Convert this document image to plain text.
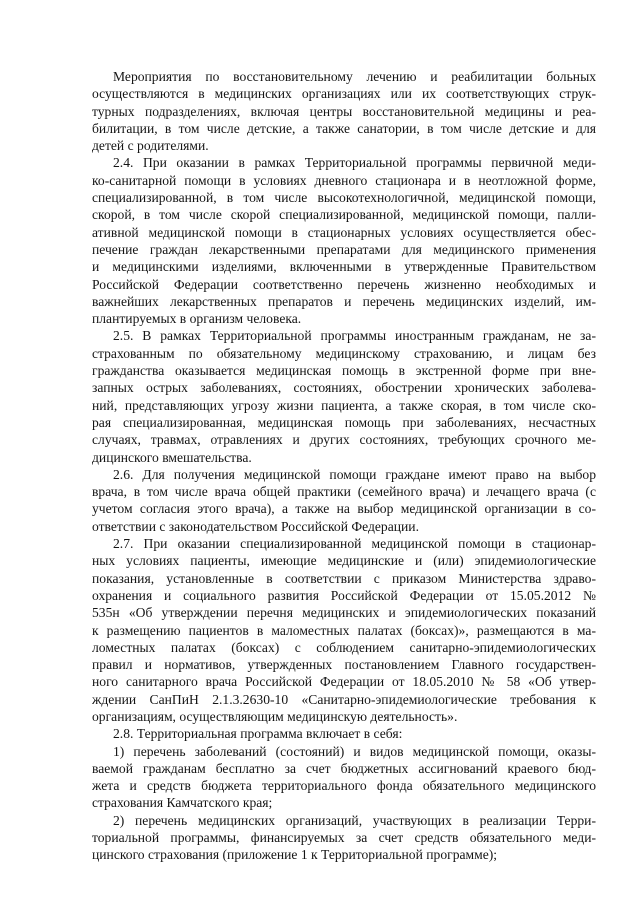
Мероприятия по восстановительному лечению и реабилитации больных
осуществляются в медицинских организациях или их соответствующих струк-
турных подразделениях, включая центры восстановительной медицины и реа-
билитации, в том числе детские, а также санатории, в том числе детские и для
детей с родителями.
2.4. При оказании в рамках Территориальной программы первичной меди-
ко-санитарной помощи в условиях дневного стационара и в неотложной форме,
специализированной, в том числе высокотехнологичной, медицинской помощи,
скорой, в том числе скорой специализированной, медицинской помощи, палли-
ативной медицинской помощи в стационарных условиях осуществляется обес-
печение граждан лекарственными препаратами для медицинского применения
и медицинскими изделиями, включенными в утвержденные Правительством
Российской Федерации соответственно перечень жизненно необходимых и
важнейших лекарственных препаратов и перечень медицинских изделий, им-
плантируемых в организм человека.
2.5. В рамках Территориальной программы иностранным гражданам, не за-
страхованным по обязательному медицинскому страхованию, и лицам без
гражданства оказывается медицинская помощь в экстренной форме при вне-
запных острых заболеваниях, состояниях, обострении хронических заболева-
ний, представляющих угрозу жизни пациента, а также скорая, в том числе ско-
рая специализированная, медицинская помощь при заболеваниях, несчастных
случаях, травмах, отравлениях и других состояниях, требующих срочного ме-
дицинского вмешательства.
2.6. Для получения медицинской помощи граждане имеют право на выбор
врача, в том числе врача общей практики (семейного врача) и лечащего врача (с
учетом согласия этого врача), а также на выбор медицинской организации в со-
ответствии с законодательством Российской Федерации.
2.7. При оказании специализированной медицинской помощи в стационар-
ных условиях пациенты, имеющие медицинские и (или) эпидемиологические
показания, установленные в соответствии с приказом Министерства здраво-
охранения и социального развития Российской Федерации от 15.05.2012 №
535н «Об утверждении перечня медицинских и эпидемиологических показаний
к размещению пациентов в маломестных палатах (боксах)», размещаются в ма-
ломестных палатах (боксах) с соблюдением санитарно-эпидемиологических
правил и нормативов, утвержденных постановлением Главного государствен-
ного санитарного врача Российской Федерации от 18.05.2010 № 58 «Об утвер-
ждении СанПиН 2.1.3.2630-10 «Санитарно-эпидемиологические требования к
организациям, осуществляющим медицинскую деятельность».
2.8. Территориальная программа включает в себя:
1) перечень заболеваний (состояний) и видов медицинской помощи, оказы-
ваемой гражданам бесплатно за счет бюджетных ассигнований краевого бюд-
жета и средств бюджета территориального фонда обязательного медицинского
страхования Камчатского края;
2) перечень медицинских организаций, участвующих в реализации Терри-
ториальной программы, финансируемых за счет средств обязательного меди-
цинского страхования (приложение 1 к Территориальной программе);
